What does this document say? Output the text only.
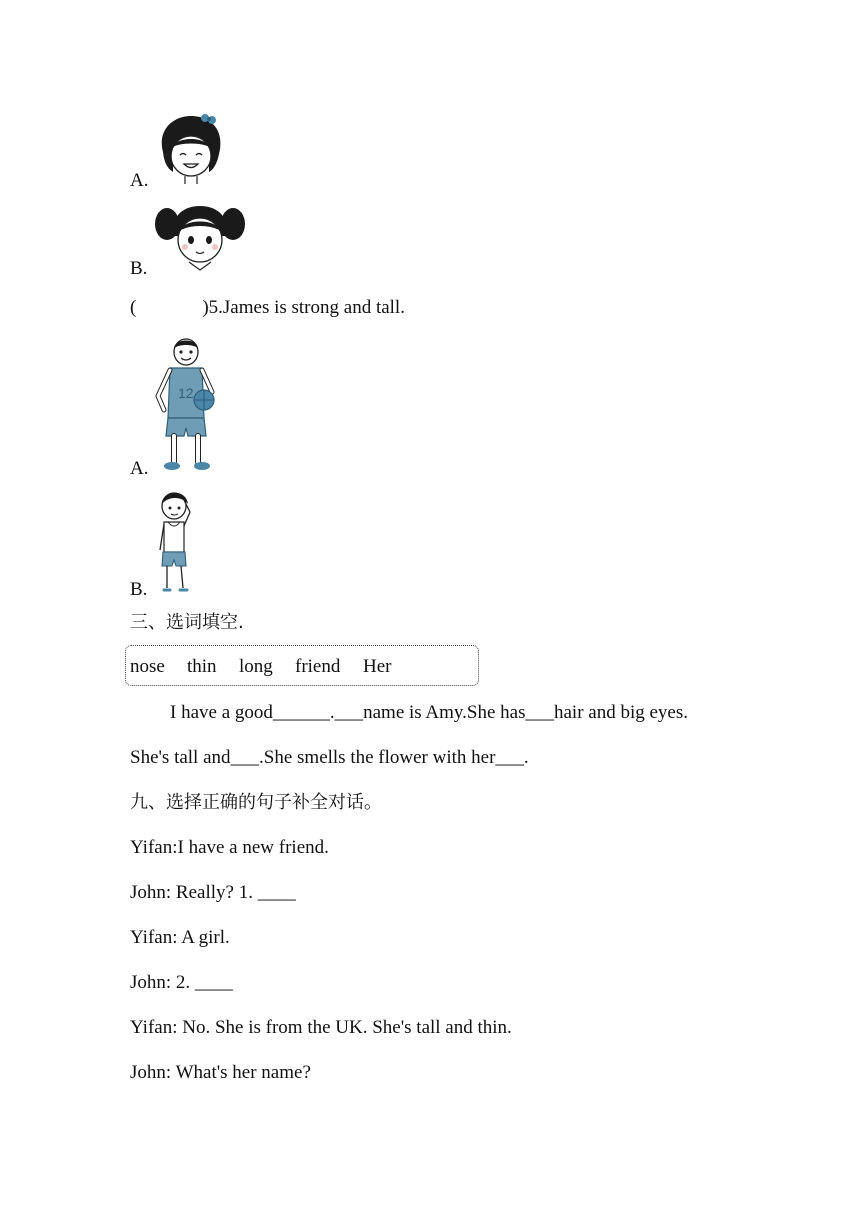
A.
B.
(	)5.James is strong and tall.
A.
12
B.
三、选词填空.
nose thin long friend Her
I have a good______.___name is Amy.She has___hair and big eyes.
She's tall and___.She smells the flower with her___.
九、选择正确的句子补全对话。
Yifan:I have a new friend.
John: Really? 1. ____
Yifan: A girl.
John: 2. ____
Yifan: No. She is from the UK. She's tall and thin.
John: What's her name?
